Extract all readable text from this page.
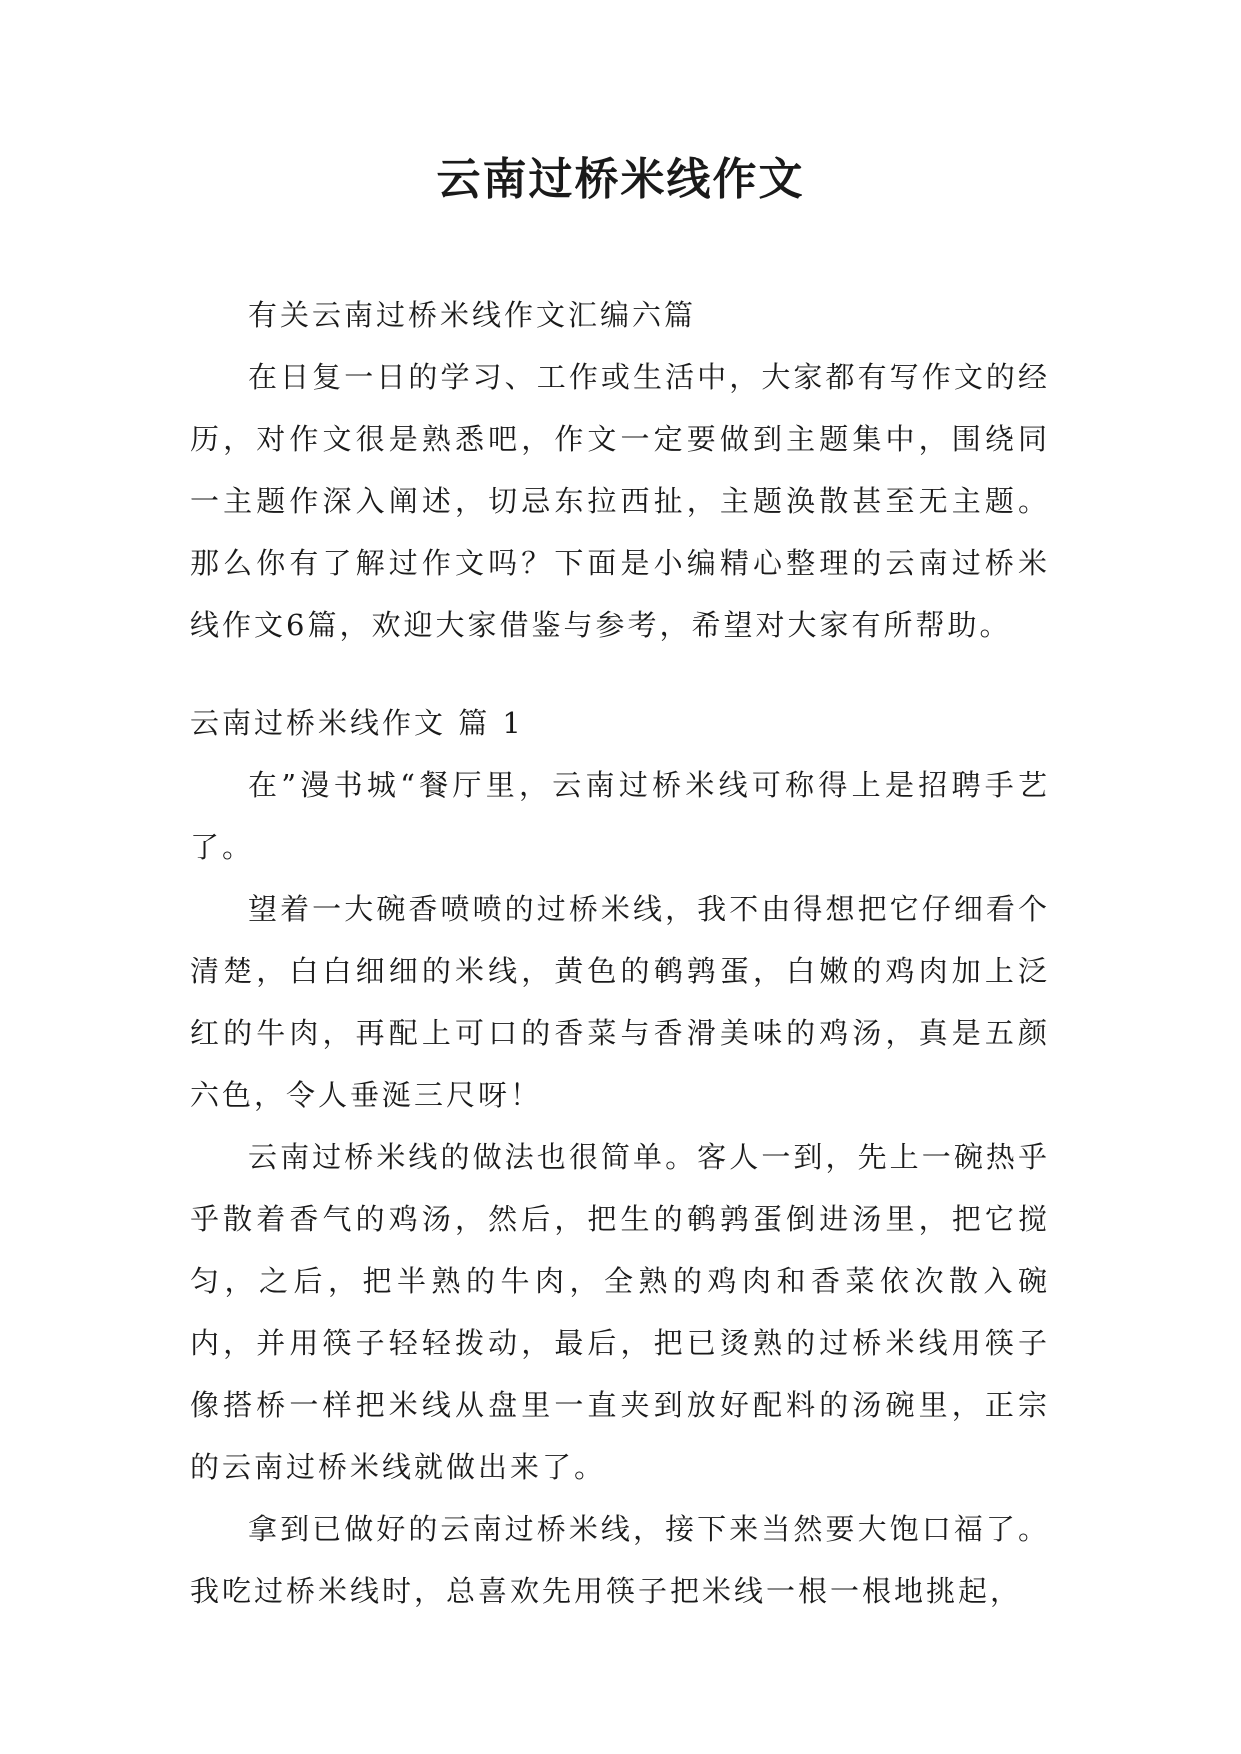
云南过桥米线作文

有关云南过桥米线作文汇编六篇

在日复一日的学习、工作或生活中，大家都有写作文的经历，对作文很是熟悉吧，作文一定要做到主题集中，围绕同一主题作深入阐述，切忌东拉西扯，主题涣散甚至无主题。那么你有了解过作文吗？下面是小编精心整理的云南过桥米线作文6篇，欢迎大家借鉴与参考，希望对大家有所帮助。

云南过桥米线作文 篇 1

在”漫书城“餐厅里，云南过桥米线可称得上是招聘手艺了。

望着一大碗香喷喷的过桥米线，我不由得想把它仔细看个清楚，白白细细的米线，黄色的鹌鹑蛋，白嫩的鸡肉加上泛红的牛肉，再配上可口的香菜与香滑美味的鸡汤，真是五颜六色，令人垂涎三尺呀！

云南过桥米线的做法也很简单。客人一到，先上一碗热乎乎散着香气的鸡汤，然后，把生的鹌鹑蛋倒进汤里，把它搅匀，之后，把半熟的牛肉，全熟的鸡肉和香菜依次散入碗内，并用筷子轻轻拨动，最后，把已烫熟的过桥米线用筷子像搭桥一样把米线从盘里一直夹到放好配料的汤碗里，正宗的云南过桥米线就做出来了。

拿到已做好的云南过桥米线，接下来当然要大饱口福了。我吃过桥米线时，总喜欢先用筷子把米线一根一根地挑起，
